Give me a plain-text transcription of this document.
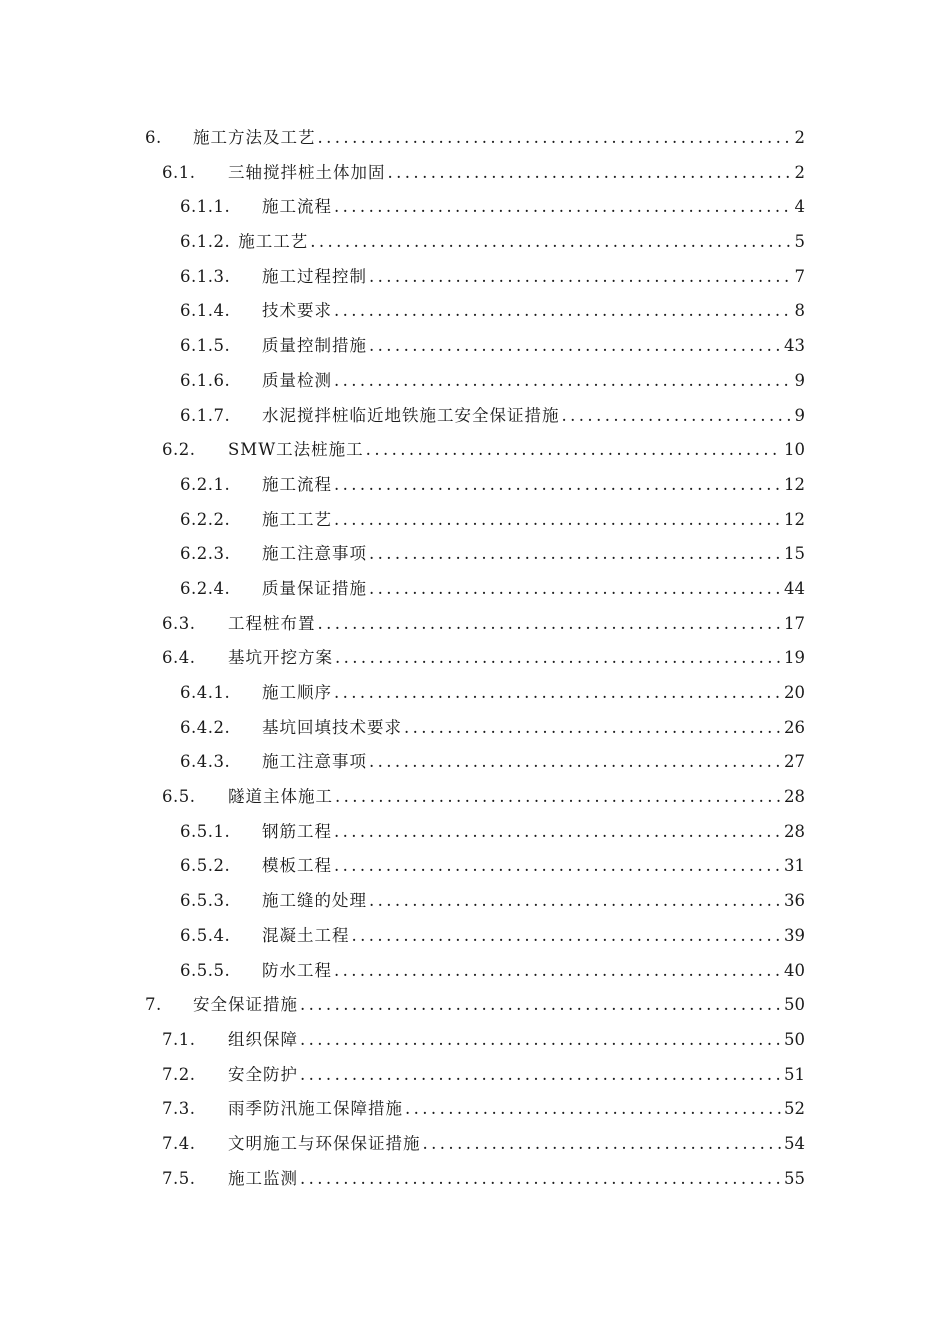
6.	施工方法及工艺 .....	2
6.1.	三轴搅拌桩土体加固 .....	2
6.1.1.	施工流程 .....	4
6.1.2. 施工工艺 .....	5
6.1.3.	施工过程控制 .....	7
6.1.4.	技术要求 .....	8
6.1.5.	质量控制措施 .....	43
6.1.6.	质量检测 .....	9
6.1.7.	水泥搅拌桩临近地铁施工安全保证措施 .....	9
6.2.	SMW工法桩施工 .....	10
6.2.1.	施工流程 .....	12
6.2.2.	施工工艺 .....	12
6.2.3.	施工注意事项 .....	15
6.2.4.	质量保证措施 .....	44
6.3.	工程桩布置 .....	17
6.4.	基坑开挖方案 .....	19
6.4.1.	施工顺序 .....	20
6.4.2.	基坑回填技术要求 .....	26
6.4.3.	施工注意事项 .....	27
6.5.	隧道主体施工 .....	28
6.5.1.	钢筋工程 .....	28
6.5.2.	模板工程 .....	31
6.5.3.	施工缝的处理 .....	36
6.5.4.	混凝土工程 .....	39
6.5.5.	防水工程 .....	40
7.	安全保证措施 .....	50
7.1.	组织保障 .....	50
7.2.	安全防护 .....	51
7.3.	雨季防汛施工保障措施 .....	52
7.4.	文明施工与环保保证措施 .....	54
7.5.	施工监测 .....	55
